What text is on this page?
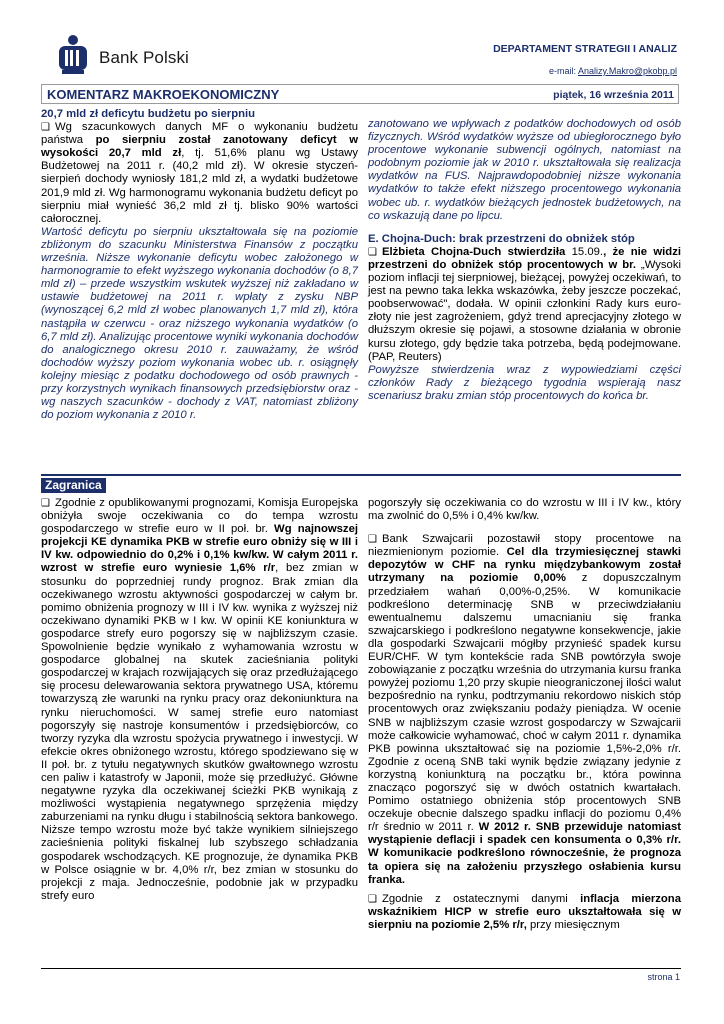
Bank Polski	DEPARTAMENT STRATEGII I ANALIZ
e-mail: Analizy.Makro@pkobp.pl
KOMENTARZ MAKROEKONOMICZNY	piątek, 16 września 2011

20,7 mld zł deficytu budżetu po sierpniu

❑ Wg szacunkowych danych MF o wykonaniu budżetu państwa po sierpniu został zanotowany deficyt w wysokości 20,7 mld zł, tj. 51,6% planu wg Ustawy Budżetowej na 2011 r. (40,2 mld zł). W okresie styczeń-sierpień dochody wyniosły 181,2 mld zł, a wydatki budżetowe 201,9 mld zł. Wg harmonogramu wykonania budżetu deficyt po sierpniu miał wynieść 36,2 mld zł tj. blisko 90% wartości całorocznej.

Wartość deficytu po sierpniu ukształtowała się na poziomie zbliżonym do szacunku Ministerstwa Finansów z początku września. Niższe wykonanie deficytu wobec założonego w harmonogramie to efekt wyższego wykonania dochodów (o 8,7 mld zł) – przede wszystkim wskutek wyższej niż zakładano w ustawie budżetowej na 2011 r. wpłaty z zysku NBP (wynoszącej 6,2 mld zł wobec planowanych 1,7 mld zł), która nastąpiła w czerwcu - oraz niższego wykonania wydatków (o 6,7 mld zł). Analizując procentowe wyniki wykonania dochodów do analogicznego okresu 2010 r. zauważamy, że wśród dochodów wyższy poziom wykonania wobec ub. r. osiągnęły kolejny miesiąc z podatku dochodowego od osób prawnych - przy korzystnych wynikach finansowych przedsiębiorstw oraz - wg naszych szacunków - dochody z VAT, natomiast zbliżony do poziom wykonania z 2010 r.

zanotowano we wpływach z podatków dochodowych od osób fizycznych. Wśród wydatków wyższe od ubiegłorocznego było procentowe wykonanie subwencji ogólnych, natomiast na podobnym poziomie jak w 2010 r. ukształtowała się realizacja wydatków na FUS. Najprawdopodobniej niższe wykonania wydatków to także efekt niższego procentowego wykonania wobec ub. r. wydatków bieżących jednostek budżetowych, na co wskazują dane po lipcu.

E. Chojna-Duch: brak przestrzeni do obniżek stóp

❑ Elżbieta Chojna-Duch stwierdziła 15.09., że nie widzi przestrzeni do obniżek stóp procentowych w br. „Wysoki poziom inflacji tej sierpniowej, bieżącej, powyżej oczekiwań, to jest na pewno taka lekka wskazówka, żeby jeszcze poczekać, poobserwować", dodała. W opinii członkini Rady kurs euro-złoty nie jest zagrożeniem, gdyż trend aprecjacyjny złotego w dłuższym okresie się pojawi, a stosowne działania w obronie kursu złotego, gdy będzie taka potrzeba, będą podejmowane. (PAP, Reuters)

Powyższe stwierdzenia wraz z wypowiedziami części członków Rady z bieżącego tygodnia wspierają nasz scenariusz braku zmian stóp procentowych do końca br.

Zagranica

❑ Zgodnie z opublikowanymi prognozami, Komisja Europejska obniżyła swoje oczekiwania co do tempa wzrostu gospodarczego w strefie euro w II poł. br. Wg najnowszej projekcji KE dynamika PKB w strefie euro obniży się w III i IV kw. odpowiednio do 0,2% i 0,1% kw/kw. W całym 2011 r. wzrost w strefie euro wyniesie 1,6% r/r, bez zmian w stosunku do poprzedniej rundy prognoz. Brak zmian dla oczekiwanego wzrostu aktywności gospodarczej w całym br. pomimo obniżenia prognozy w III i IV kw. wynika z wyższej niż oczekiwano dynamiki PKB w I kw. W opinii KE koniunktura w gospodarce strefy euro pogorszy się w najbliższym czasie. Spowolnienie będzie wynikało z wyhamowania wzrostu w gospodarce globalnej na skutek zacieśniania polityki gospodarczej w krajach rozwijających się oraz przedłużającego się procesu delewarowania sektora prywatnego USA, któremu towarzyszą złe warunki na rynku pracy oraz dekoniunktura na rynku nieruchomości. W samej strefie euro natomiast pogorszyły się nastroje konsumentów i przedsiębiorców, co tworzy ryzyka dla wzrostu spożycia prywatnego i inwestycji. W efekcie okres obniżonego wzrostu, którego spodziewano się w II poł. br. z tytułu negatywnych skutków gwałtownego wzrostu cen paliw i katastrofy w Japonii, może się przedłużyć. Główne negatywne ryzyka dla oczekiwanej ścieżki PKB wynikają z możliwości wystąpienia negatywnego sprzężenia między zaburzeniami na rynku długu i stabilnością sektora bankowego. Niższe tempo wzrostu może być także wynikiem silniejszego zacieśnienia polityki fiskalnej lub szybszego schładzania gospodarek wschodzących. KE prognozuje, że dynamika PKB w Polsce osiągnie w br. 4,0% r/r, bez zmian w stosunku do projekcji z maja. Jednocześnie, podobnie jak w przypadku strefy euro

pogorszyły się oczekiwania co do wzrostu w III i IV kw., który ma zwolnić do 0,5% i 0,4% kw/kw.

❑ Bank Szwajcarii pozostawił stopy procentowe na niezmienionym poziomie. Cel dla trzymiesięcznej stawki depozytów w CHF na rynku międzybankowym został utrzymany na poziomie 0,00% z dopuszczalnym przedziałem wahań 0,00%-0,25%. W komunikacie podkreślono determinację SNB w przeciwdziałaniu ewentualnemu dalszemu umacnianiu się franka szwajcarskiego i podkreślono negatywne konsekwencje, jakie dla gospodarki Szwajcarii mógłby przynieść spadek kursu EUR/CHF. W tym kontekście rada SNB powtórzyła swoje zobowiązanie z początku września do utrzymania kursu franka powyżej poziomu 1,20 przy skupie nieograniczonej ilości walut bezpośrednio na rynku, podtrzymaniu rekordowo niskich stóp procentowych oraz zwiększaniu podaży pieniądza. W ocenie SNB w najbliższym czasie wzrost gospodarczy w Szwajcarii może całkowicie wyhamować, choć w całym 2011 r. dynamika PKB powinna ukształtować się na poziomie 1,5%-2,0% r/r. Zgodnie z oceną SNB taki wynik będzie związany jedynie z korzystną koniunkturą na początku br., która powinna znacząco pogorszyć się w dwóch ostatnich kwartałach. Pomimo ostatniego obniżenia stóp procentowych SNB oczekuje obecnie dalszego spadku inflacji do poziomu 0,4% r/r średnio w 2011 r. W 2012 r. SNB przewiduje natomiast wystąpienie deflacji i spadek cen konsumenta o 0,3% r/r. W komunikacie podkreślono równocześnie, że prognoza ta opiera się na założeniu przyszłego osłabienia kursu franka.

❑ Zgodnie z ostatecznymi danymi inflacja mierzona wskaźnikiem HICP w strefie euro ukształtowała się w sierpniu na poziomie 2,5% r/r, przy miesięcznym

strona 1
